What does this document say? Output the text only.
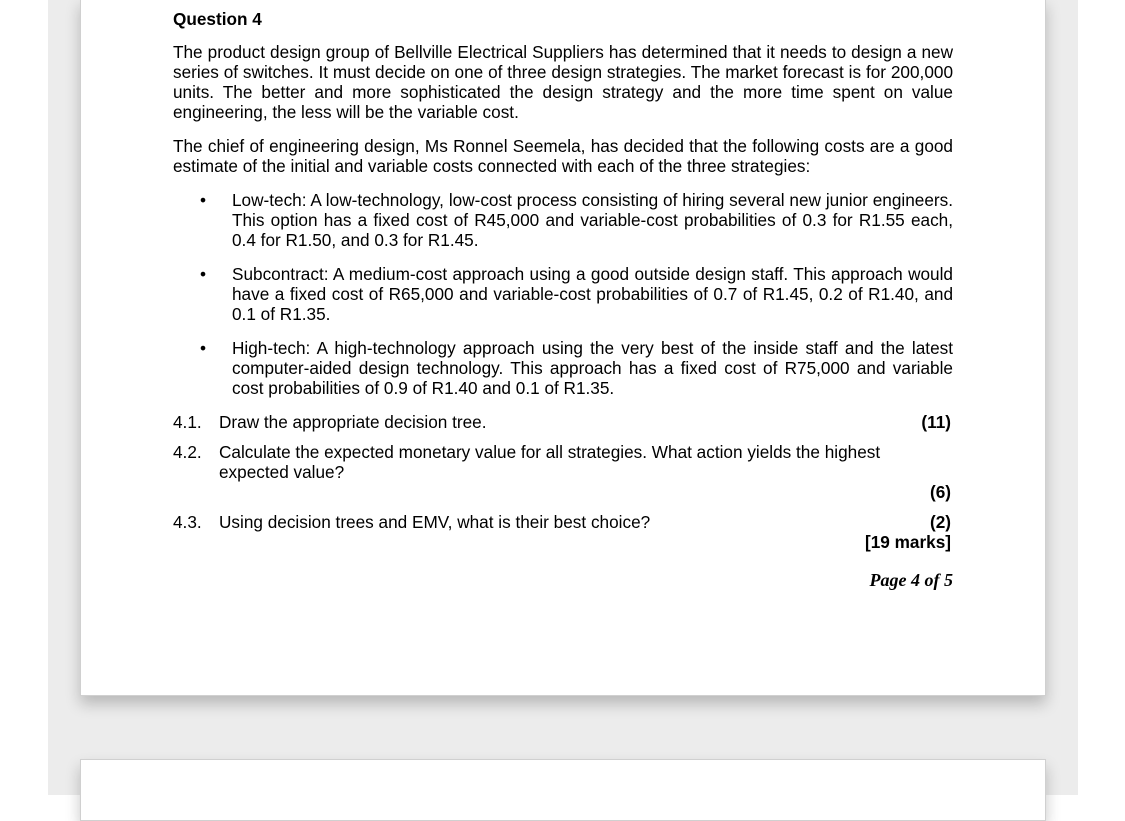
Question 4

The product design group of Bellville Electrical Suppliers has determined that it needs to design a new series of switches. It must decide on one of three design strategies. The market forecast is for 200,000 units. The better and more sophisticated the design strategy and the more time spent on value engineering, the less will be the variable cost.

The chief of engineering design, Ms Ronnel Seemela, has decided that the following costs are a good estimate of the initial and variable costs connected with each of the three strategies:

• Low-tech: A low-technology, low-cost process consisting of hiring several new junior engineers. This option has a fixed cost of R45,000 and variable-cost probabilities of 0.3 for R1.55 each, 0.4 for R1.50, and 0.3 for R1.45.
• Subcontract: A medium-cost approach using a good outside design staff. This approach would have a fixed cost of R65,000 and variable-cost probabilities of 0.7 of R1.45, 0.2 of R1.40, and 0.1 of R1.35.
• High-tech: A high-technology approach using the very best of the inside staff and the latest computer-aided design technology. This approach has a fixed cost of R75,000 and variable cost probabilities of 0.9 of R1.40 and 0.1 of R1.35.
4.1.	(11)
Draw the appropriate decision tree.
4.2. Calculate the expected monetary value for all strategies. What action yields the highest expected value?
(6)
4.3.	(2)
Using decision trees and EMV, what is their best choice?
[19 marks]
Page 4 of 5
